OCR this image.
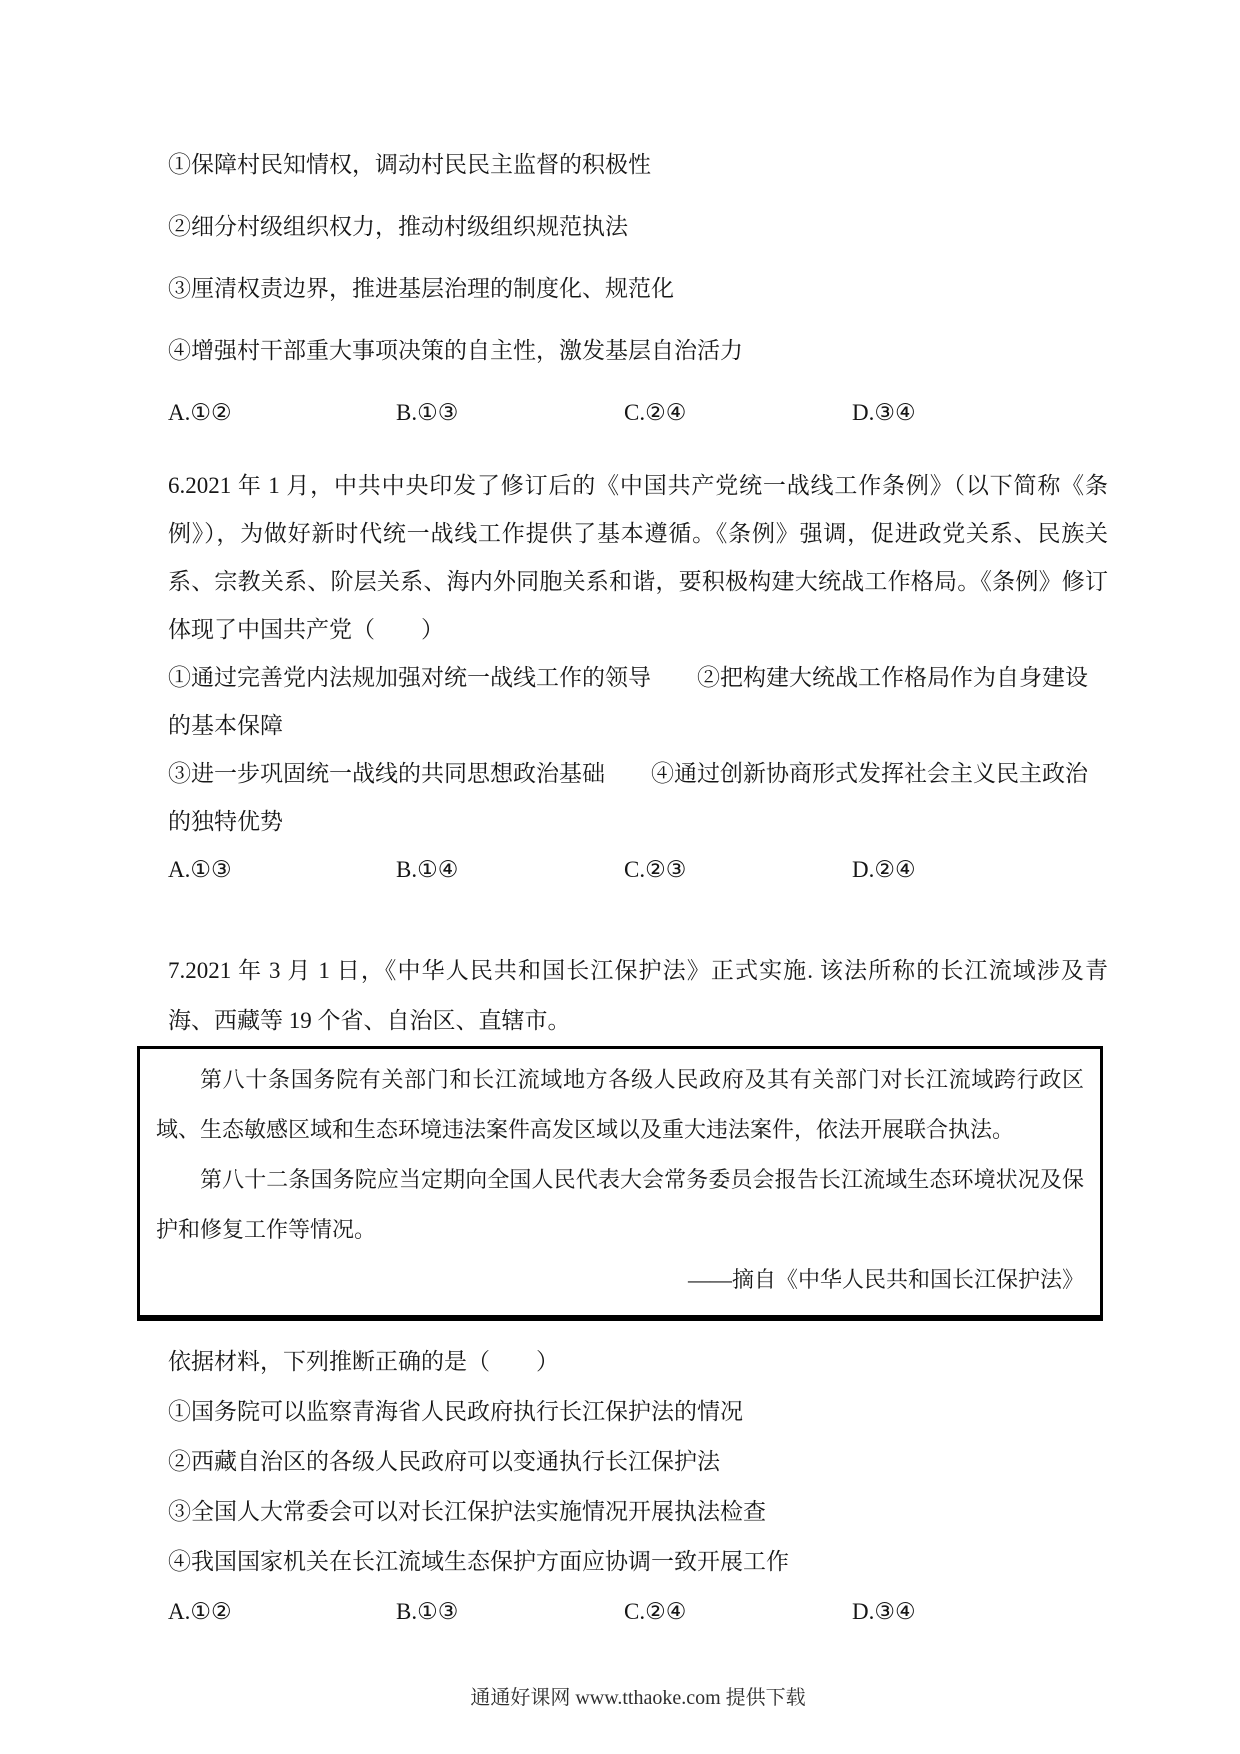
①保障村民知情权，调动村民民主监督的积极性
②细分村级组织权力，推动村级组织规范执法
③厘清权责边界，推进基层治理的制度化、规范化
④增强村干部重大事项决策的自主性，激发基层自治活力
A.①②	B.①③	C.②④	D.③④

6.2021 年 1 月，中共中央印发了修订后的《中国共产党统一战线工作条例》（以下简称《条例》），为做好新时代统一战线工作提供了基本遵循。《条例》强调，促进政党关系、民族关系、宗教关系、阶层关系、海内外同胞关系和谐，要积极构建大统战工作格局。《条例》修订体现了中国共产党（　　）

①通过完善党内法规加强对统一战线工作的领导 ②把构建大统战工作格局作为自身建设的基本保障
③进一步巩固统一战线的共同思想政治基础 ④通过创新协商形式发挥社会主义民主政治的独特优势
A.①③	B.①④	C.②③	D.②④

7.2021 年 3 月 1 日，《中华人民共和国长江保护法》正式实施. 该法所称的长江流域涉及青海、西藏等 19 个省、自治区、直辖市。

第八十条国务院有关部门和长江流域地方各级人民政府及其有关部门对长江流域跨行政区域、生态敏感区域和生态环境违法案件高发区域以及重大违法案件，依法开展联合执法。

第八十二条国务院应当定期向全国人民代表大会常务委员会报告长江流域生态环境状况及保护和修复工作等情况。

——摘自《中华人民共和国长江保护法》

依据材料，下列推断正确的是（　　）
①国务院可以监察青海省人民政府执行长江保护法的情况
②西藏自治区的各级人民政府可以变通执行长江保护法
③全国人大常委会可以对长江保护法实施情况开展执法检查
④我国国家机关在长江流域生态保护方面应协调一致开展工作
A.①②	B.①③	C.②④	D.③④
通通好课网 www.tthaoke.com 提供下载
